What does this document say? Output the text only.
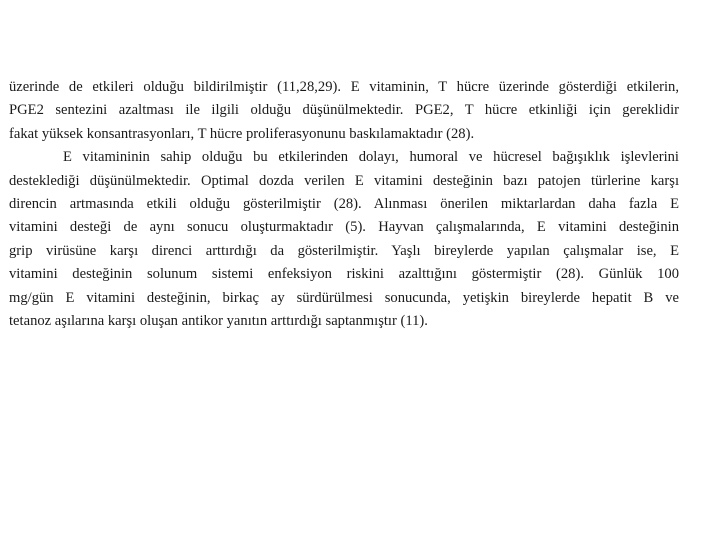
üzerinde de etkileri olduğu bildirilmiştir (11,28,29). E vitaminin, T hücre üzerinde gösterdiği etkilerin,
PGE2 sentezini azaltması ile ilgili olduğu düşünülmektedir. PGE2, T hücre etkinliği için gereklidir
fakat yüksek konsantrasyonları, T hücre proliferasyonunu baskılamaktadır (28).
E vitamininin sahip olduğu bu etkilerinden dolayı, humoral ve hücresel bağışıklık işlevlerini
desteklediği düşünülmektedir. Optimal dozda verilen E vitamini desteğinin bazı patojen türlerine karşı
direncin artmasında etkili olduğu gösterilmiştir (28). Alınması önerilen miktarlardan daha fazla E
vitamini desteği de aynı sonucu oluşturmaktadır (5). Hayvan çalışmalarında, E vitamini desteğinin
grip virüsüne karşı direnci arttırdığı da gösterilmiştir. Yaşlı bireylerde yapılan çalışmalar ise, E
vitamini desteğinin solunum sistemi enfeksiyon riskini azalttığını göstermiştir (28). Günlük 100
mg/gün E vitamini desteğinin, birkaç ay sürdürülmesi sonucunda, yetişkin bireylerde hepatit B ve
tetanoz aşılarına karşı oluşan antikor yanıtın arttırdığı saptanmıştır (11).
